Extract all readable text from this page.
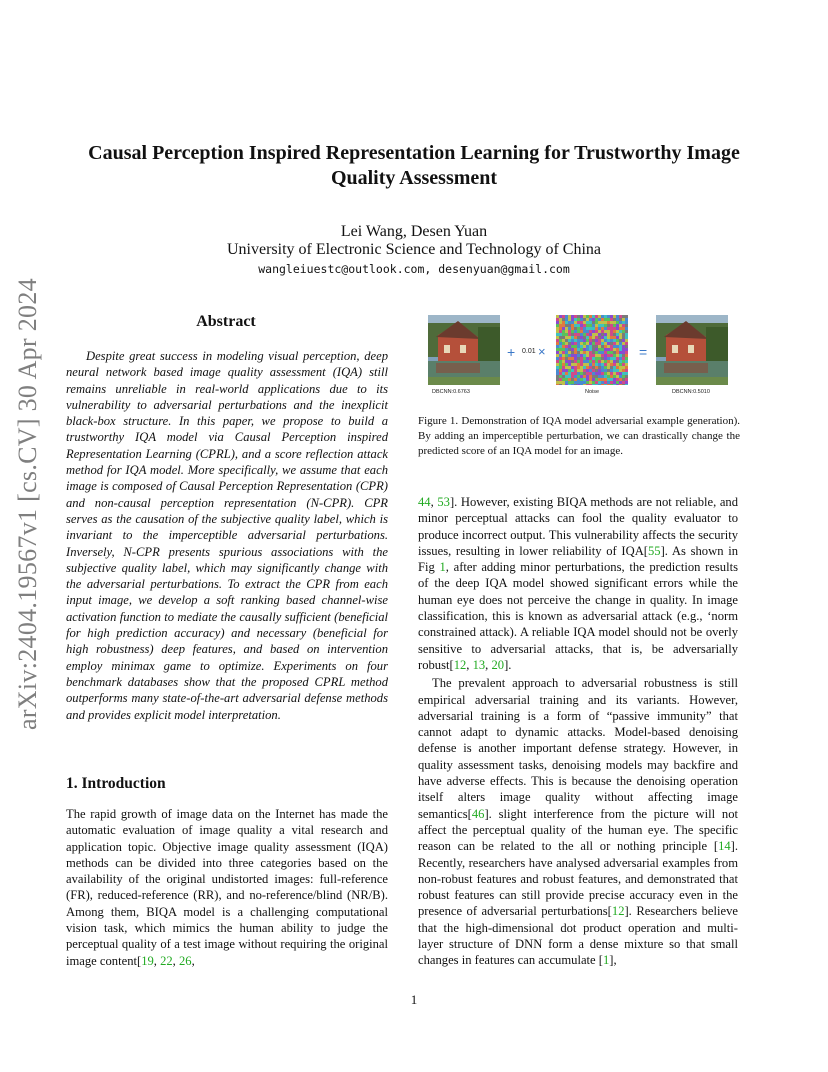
arXiv:2404.19567v1 [cs.CV] 30 Apr 2024
Causal Perception Inspired Representation Learning for Trustworthy Image Quality Assessment
Lei Wang, Desen Yuan
University of Electronic Science and Technology of China
wangleiuestc@outlook.com, desenyuan@gmail.com
Abstract

Despite great success in modeling visual perception, deep neural network based image quality assessment (IQA) still remains unreliable in real-world applications due to its vulnerability to adversarial perturbations and the inexplicit black-box structure. In this paper, we propose to build a trustworthy IQA model via Causal Perception inspired Representation Learning (CPRL), and a score reflection attack method for IQA model. More specifically, we assume that each image is composed of Causal Perception Representation (CPR) and non-causal perception representation (N-CPR). CPR serves as the causation of the subjective quality label, which is invariant to the imperceptible adversarial perturbations. Inversely, N-CPR presents spurious associations with the subjective quality label, which may significantly change with the adversarial perturbations. To extract the CPR from each input image, we develop a soft ranking based channel-wise activation function to mediate the causally sufficient (beneficial for high prediction accuracy) and necessary (beneficial for high robustness) deep features, and based on intervention employ minimax game to optimize. Experiments on four benchmark databases show that the proposed CPRL method outperforms many state-of-the-art adversarial defense methods and provides explicit model interpretation.

1. Introduction

The rapid growth of image data on the Internet has made the automatic evaluation of image quality a vital research and application topic. Objective image quality assessment (IQA) methods can be divided into three categories based on the availability of the original undistorted images: full-reference (FR), reduced-reference (RR), and no-reference/blind (NR/B). Among them, BIQA model is a challenging computational vision task, which mimics the human ability to judge the perceptual quality of a test image without requiring the original image content[19, 22, 26,

DBCNN:0.6763
+ 0.01 ×
Noise
=
DBCNN:0.5010

Figure 1. Demonstration of IQA model adversarial example generation). By adding an imperceptible perturbation, we can drastically change the predicted score of an IQA model for an image.

44, 53]. However, existing BIQA methods are not reliable, and minor perceptual attacks can fool the quality evaluator to produce incorrect output. This vulnerability affects the security issues, resulting in lower reliability of IQA[55]. As shown in Fig 1, after adding minor perturbations, the prediction results of the deep IQA model showed significant errors while the human eye does not perceive the change in quality. In image classification, this is known as adversarial attack (e.g., ‘norm constrained attack). A reliable IQA model should not be overly sensitive to adversarial attacks, that is, be adversarially robust[12, 13, 20].

The prevalent approach to adversarial robustness is still empirical adversarial training and its variants. However, adversarial training is a form of “passive immunity” that cannot adapt to dynamic attacks. Model-based denoising defense is another important defense strategy. However, in quality assessment tasks, denoising models may backfire and have adverse effects. This is because the denoising operation itself alters image quality without affecting image semantics[46]. slight interference from the picture will not affect the perceptual quality of the human eye. The specific reason can be related to the all or nothing principle [14]. Recently, researchers have analysed adversarial examples from non-robust features and robust features, and demonstrated that robust features can still provide precise accuracy even in the presence of adversarial perturbations[12]. Researchers believe that the high-dimensional dot product operation and multi-layer structure of DNN form a dense mixture so that small changes in features can accumulate [1],

1
